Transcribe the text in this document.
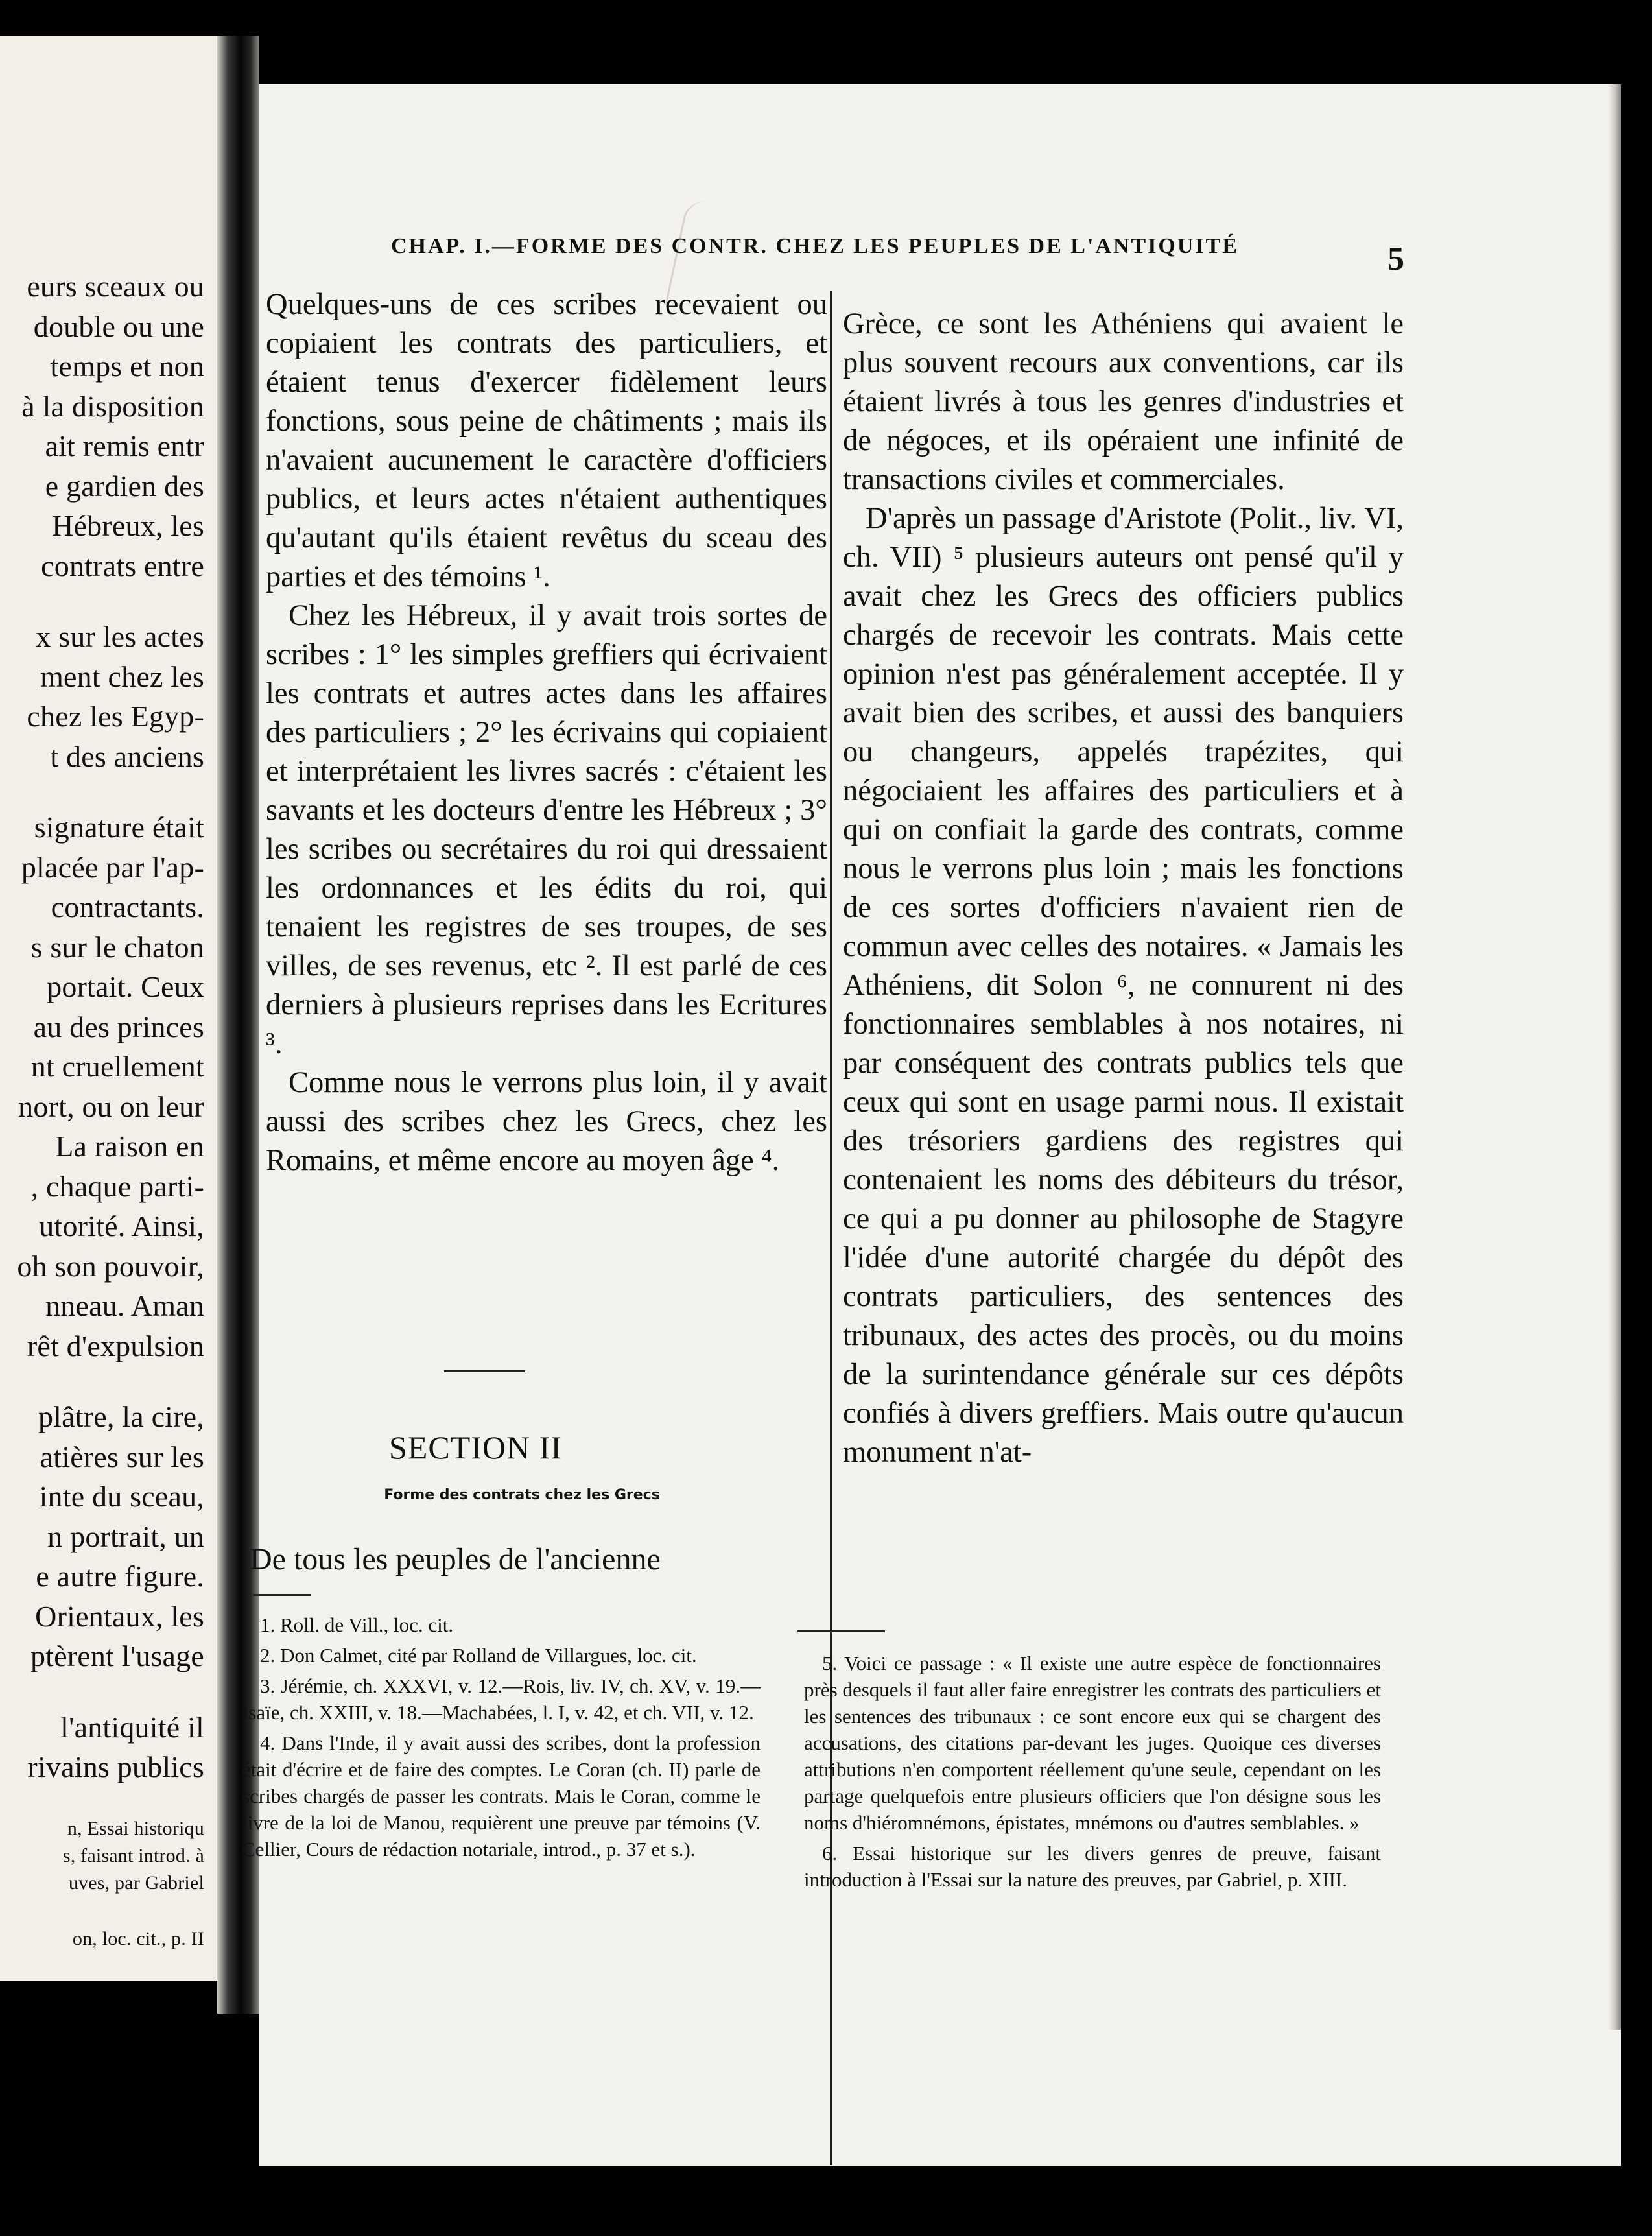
eurs sceaux ou
double ou une
temps et non
à la disposition
ait remis entr
e gardien des
Hébreux, les
contrats entre
x sur les actes
ment chez les
chez les Egyp-
t des anciens
signature était
placée par l'ap-
contractants.
s sur le chaton
portait. Ceux
au des princes
nt cruellement
nort, ou on leur
La raison en
, chaque parti-
utorité. Ainsi,
oh son pouvoir,
nneau. Aman
rêt d'expulsion
plâtre, la cire,
atières sur les
inte du sceau,
n portrait, un
e autre figure.
Orientaux, les
ptèrent l'usage
l'antiquité il
rivains publics
n, Essai historiqu
s, faisant introd. à
uves, par Gabriel
on, loc. cit., p. II
CHAP. I.—FORME DES CONTR. CHEZ LES PEUPLES DE L'ANTIQUITÉ	5

Quelques-uns de ces scribes recevaient ou copiaient les contrats des particuliers, et étaient tenus d'exercer fidèlement leurs fonctions, sous peine de châtiments ; mais ils n'avaient aucunement le caractère d'officiers publics, et leurs actes n'étaient authentiques qu'autant qu'ils étaient revêtus du sceau des parties et des témoins ¹.

Chez les Hébreux, il y avait trois sortes de scribes : 1° les simples greffiers qui écrivaient les contrats et autres actes dans les affaires des particuliers ; 2° les écrivains qui copiaient et interprétaient les livres sacrés : c'étaient les savants et les docteurs d'entre les Hébreux ; 3° les scribes ou secrétaires du roi qui dressaient les ordonnances et les édits du roi, qui tenaient les registres de ses troupes, de ses villes, de ses revenus, etc ². Il est parlé de ces derniers à plusieurs reprises dans les Ecritures ³.

Comme nous le verrons plus loin, il y avait aussi des scribes chez les Grecs, chez les Romains, et même encore au moyen âge ⁴.

SECTION II
Forme des contrats chez les Grecs
De tous les peuples de l'ancienne

1. Roll. de Vill., loc. cit.

2. Don Calmet, cité par Rolland de Villargues, loc. cit.

3. Jérémie, ch. XXXVI, v. 12.—Rois, liv. IV, ch. XV, v. 19.—Isaïe, ch. XXIII, v. 18.—Machabées, l. I, v. 42, et ch. VII, v. 12.

4. Dans l'Inde, il y avait aussi des scribes, dont la profession était d'écrire et de faire des comptes. Le Coran (ch. II) parle de scribes chargés de passer les contrats. Mais le Coran, comme le livre de la loi de Manou, requièrent une preuve par témoins (V. Cellier, Cours de rédaction notariale, introd., p. 37 et s.).

Grèce, ce sont les Athéniens qui avaient le plus souvent recours aux conventions, car ils étaient livrés à tous les genres d'industries et de négoces, et ils opéraient une infinité de transactions civiles et commerciales.

D'après un passage d'Aristote (Polit., liv. VI, ch. VII) ⁵ plusieurs auteurs ont pensé qu'il y avait chez les Grecs des officiers publics chargés de recevoir les contrats. Mais cette opinion n'est pas généralement acceptée. Il y avait bien des scribes, et aussi des banquiers ou changeurs, appelés trapézites, qui négociaient les affaires des particuliers et à qui on confiait la garde des contrats, comme nous le verrons plus loin ; mais les fonctions de ces sortes d'officiers n'avaient rien de commun avec celles des notaires. « Jamais les Athéniens, dit Solon ⁶, ne connurent ni des fonctionnaires semblables à nos notaires, ni par conséquent des contrats publics tels que ceux qui sont en usage parmi nous. Il existait des trésoriers gardiens des registres qui contenaient les noms des débiteurs du trésor, ce qui a pu donner au philosophe de Stagyre l'idée d'une autorité chargée du dépôt des contrats particuliers, des sentences des tribunaux, des actes des procès, ou du moins de la surintendance générale sur ces dépôts confiés à divers greffiers. Mais outre qu'aucun monument n'at-

5. Voici ce passage : « Il existe une autre espèce de fonctionnaires près desquels il faut aller faire enregistrer les contrats des particuliers et les sentences des tribunaux : ce sont encore eux qui se chargent des accusations, des citations par-devant les juges. Quoique ces diverses attributions n'en comportent réellement qu'une seule, cependant on les partage quelquefois entre plusieurs officiers que l'on désigne sous les noms d'hiéromnémons, épistates, mnémons ou d'autres semblables. »

6. Essai historique sur les divers genres de preuve, faisant introduction à l'Essai sur la nature des preuves, par Gabriel, p. XIII.
